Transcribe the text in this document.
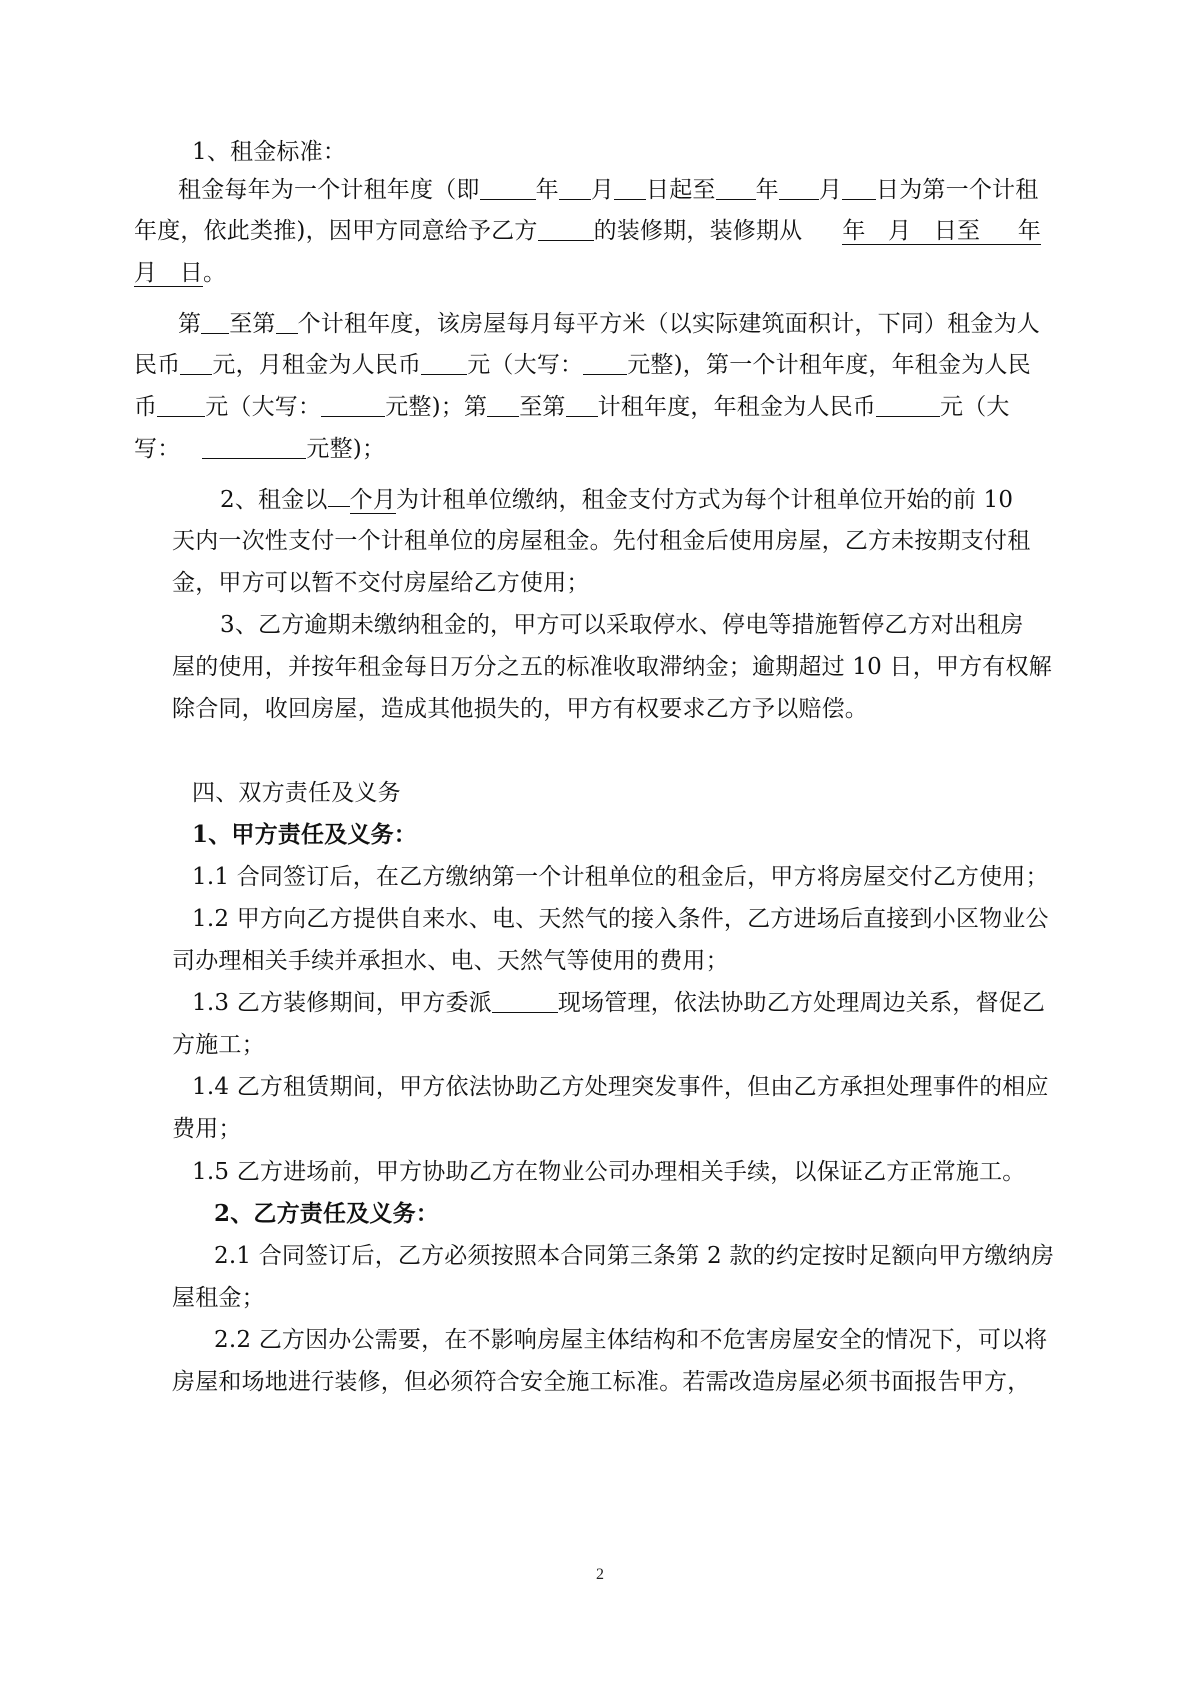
1、租金标准：
租金每年为一个计租年度（即 年 月 日起至 年 月 日为第一个计租
年度，依此类推)，因甲方同意给予乙方 的装修期，装修期从 年   月   日至     年
月   日。
第 至第 个计租年度，该房屋每月每平方米（以实际建筑面积计，下同）租金为人
民币 元，月租金为人民币 元（大写： 元整)，第一个计租年度，年租金为人民
币 元（大写：	元整)；第 至第 计租年度，年租金为人民币	元（大
写：	元整)；
2、租金以 个月为计租单位缴纳，租金支付方式为每个计租单位开始的前 10
天内一次性支付一个计租单位的房屋租金。先付租金后使用房屋，乙方未按期支付租
金，甲方可以暂不交付房屋给乙方使用；
3、乙方逾期未缴纳租金的，甲方可以采取停水、停电等措施暂停乙方对出租房
屋的使用，并按年租金每日万分之五的标准收取滞纳金；逾期超过 10 日，甲方有权解
除合同，收回房屋，造成其他损失的，甲方有权要求乙方予以赔偿。
四、双方责任及义务
1、甲方责任及义务：
1.1 合同签订后，在乙方缴纳第一个计租单位的租金后，甲方将房屋交付乙方使用；
1.2 甲方向乙方提供自来水、电、天然气的接入条件，乙方进场后直接到小区物业公
司办理相关手续并承担水、电、天然气等使用的费用；
1.3 乙方装修期间，甲方委派	现场管理，依法协助乙方处理周边关系，督促乙
方施工；
1.4 乙方租赁期间，甲方依法协助乙方处理突发事件，但由乙方承担处理事件的相应
费用；
1.5 乙方进场前，甲方协助乙方在物业公司办理相关手续，以保证乙方正常施工。
2、乙方责任及义务：
2.1 合同签订后，乙方必须按照本合同第三条第 2 款的约定按时足额向甲方缴纳房
屋租金；
2.2 乙方因办公需要，在不影响房屋主体结构和不危害房屋安全的情况下，可以将
房屋和场地进行装修，但必须符合安全施工标准。若需改造房屋必须书面报告甲方，
2
